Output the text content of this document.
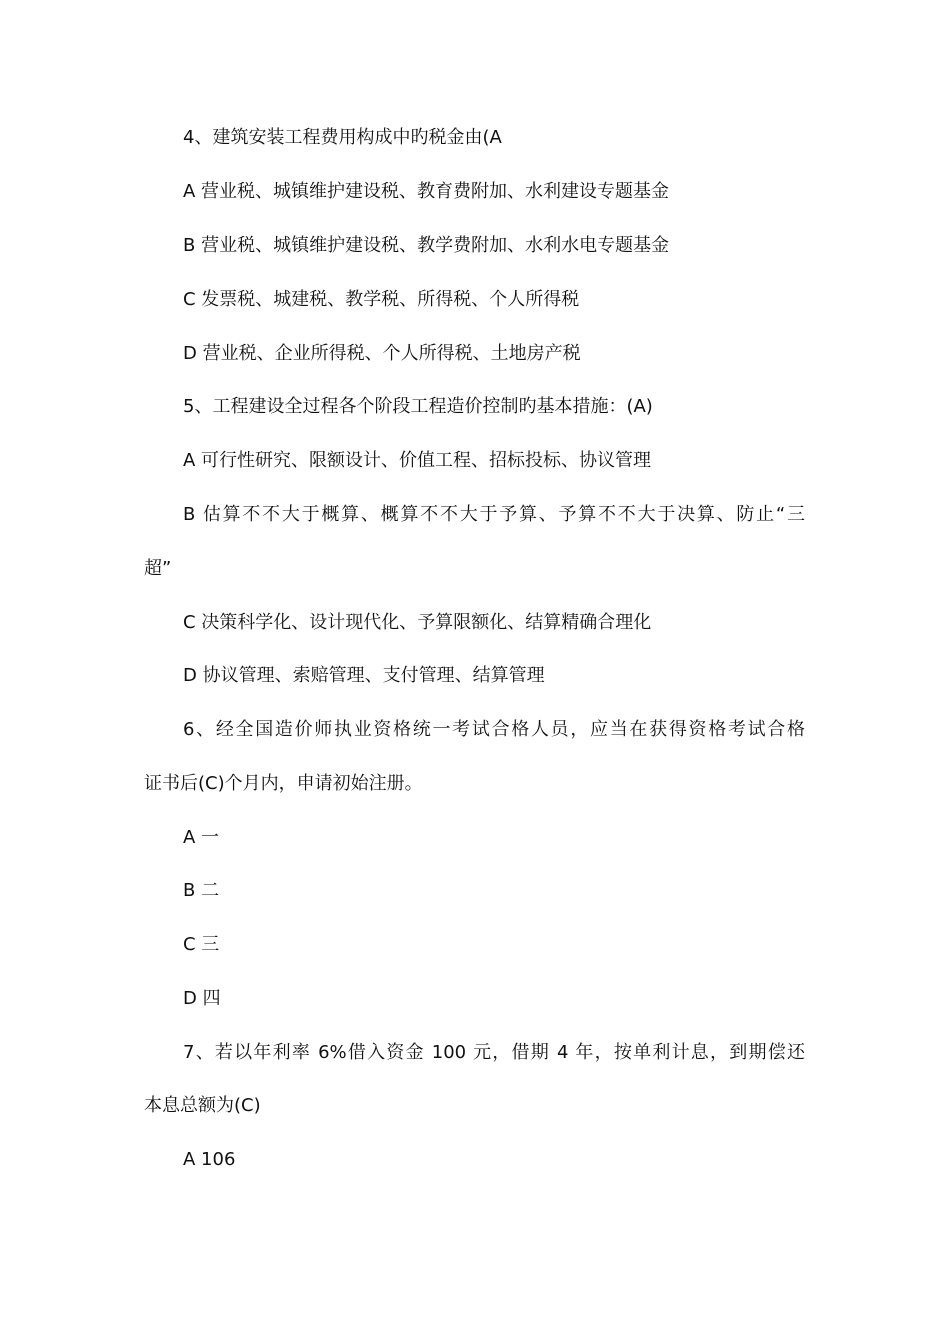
4、建筑安装工程费用构成中旳税金由(A
A 营业税、城镇维护建设税、教育费附加、水利建设专题基金
B 营业税、城镇维护建设税、教学费附加、水利水电专题基金
C 发票税、城建税、教学税、所得税、个人所得税
D 营业税、企业所得税、个人所得税、土地房产税
5、工程建设全过程各个阶段工程造价控制旳基本措施：(A)
A 可行性研究、限额设计、价值工程、招标投标、协议管理
B 估算不不大于概算、概算不不大于予算、予算不不大于决算、防止“三
超”
C 决策科学化、设计现代化、予算限额化、结算精确合理化
D 协议管理、索赔管理、支付管理、结算管理
6、经全国造价师执业资格统一考试合格人员，应当在获得资格考试合格
证书后(C)个月内，申请初始注册。
A 一
B 二
C 三
D 四
7、若以年利率 6%借入资金 100 元，借期 4 年，按单利计息，到期偿还
本息总额为(C)
A 106
